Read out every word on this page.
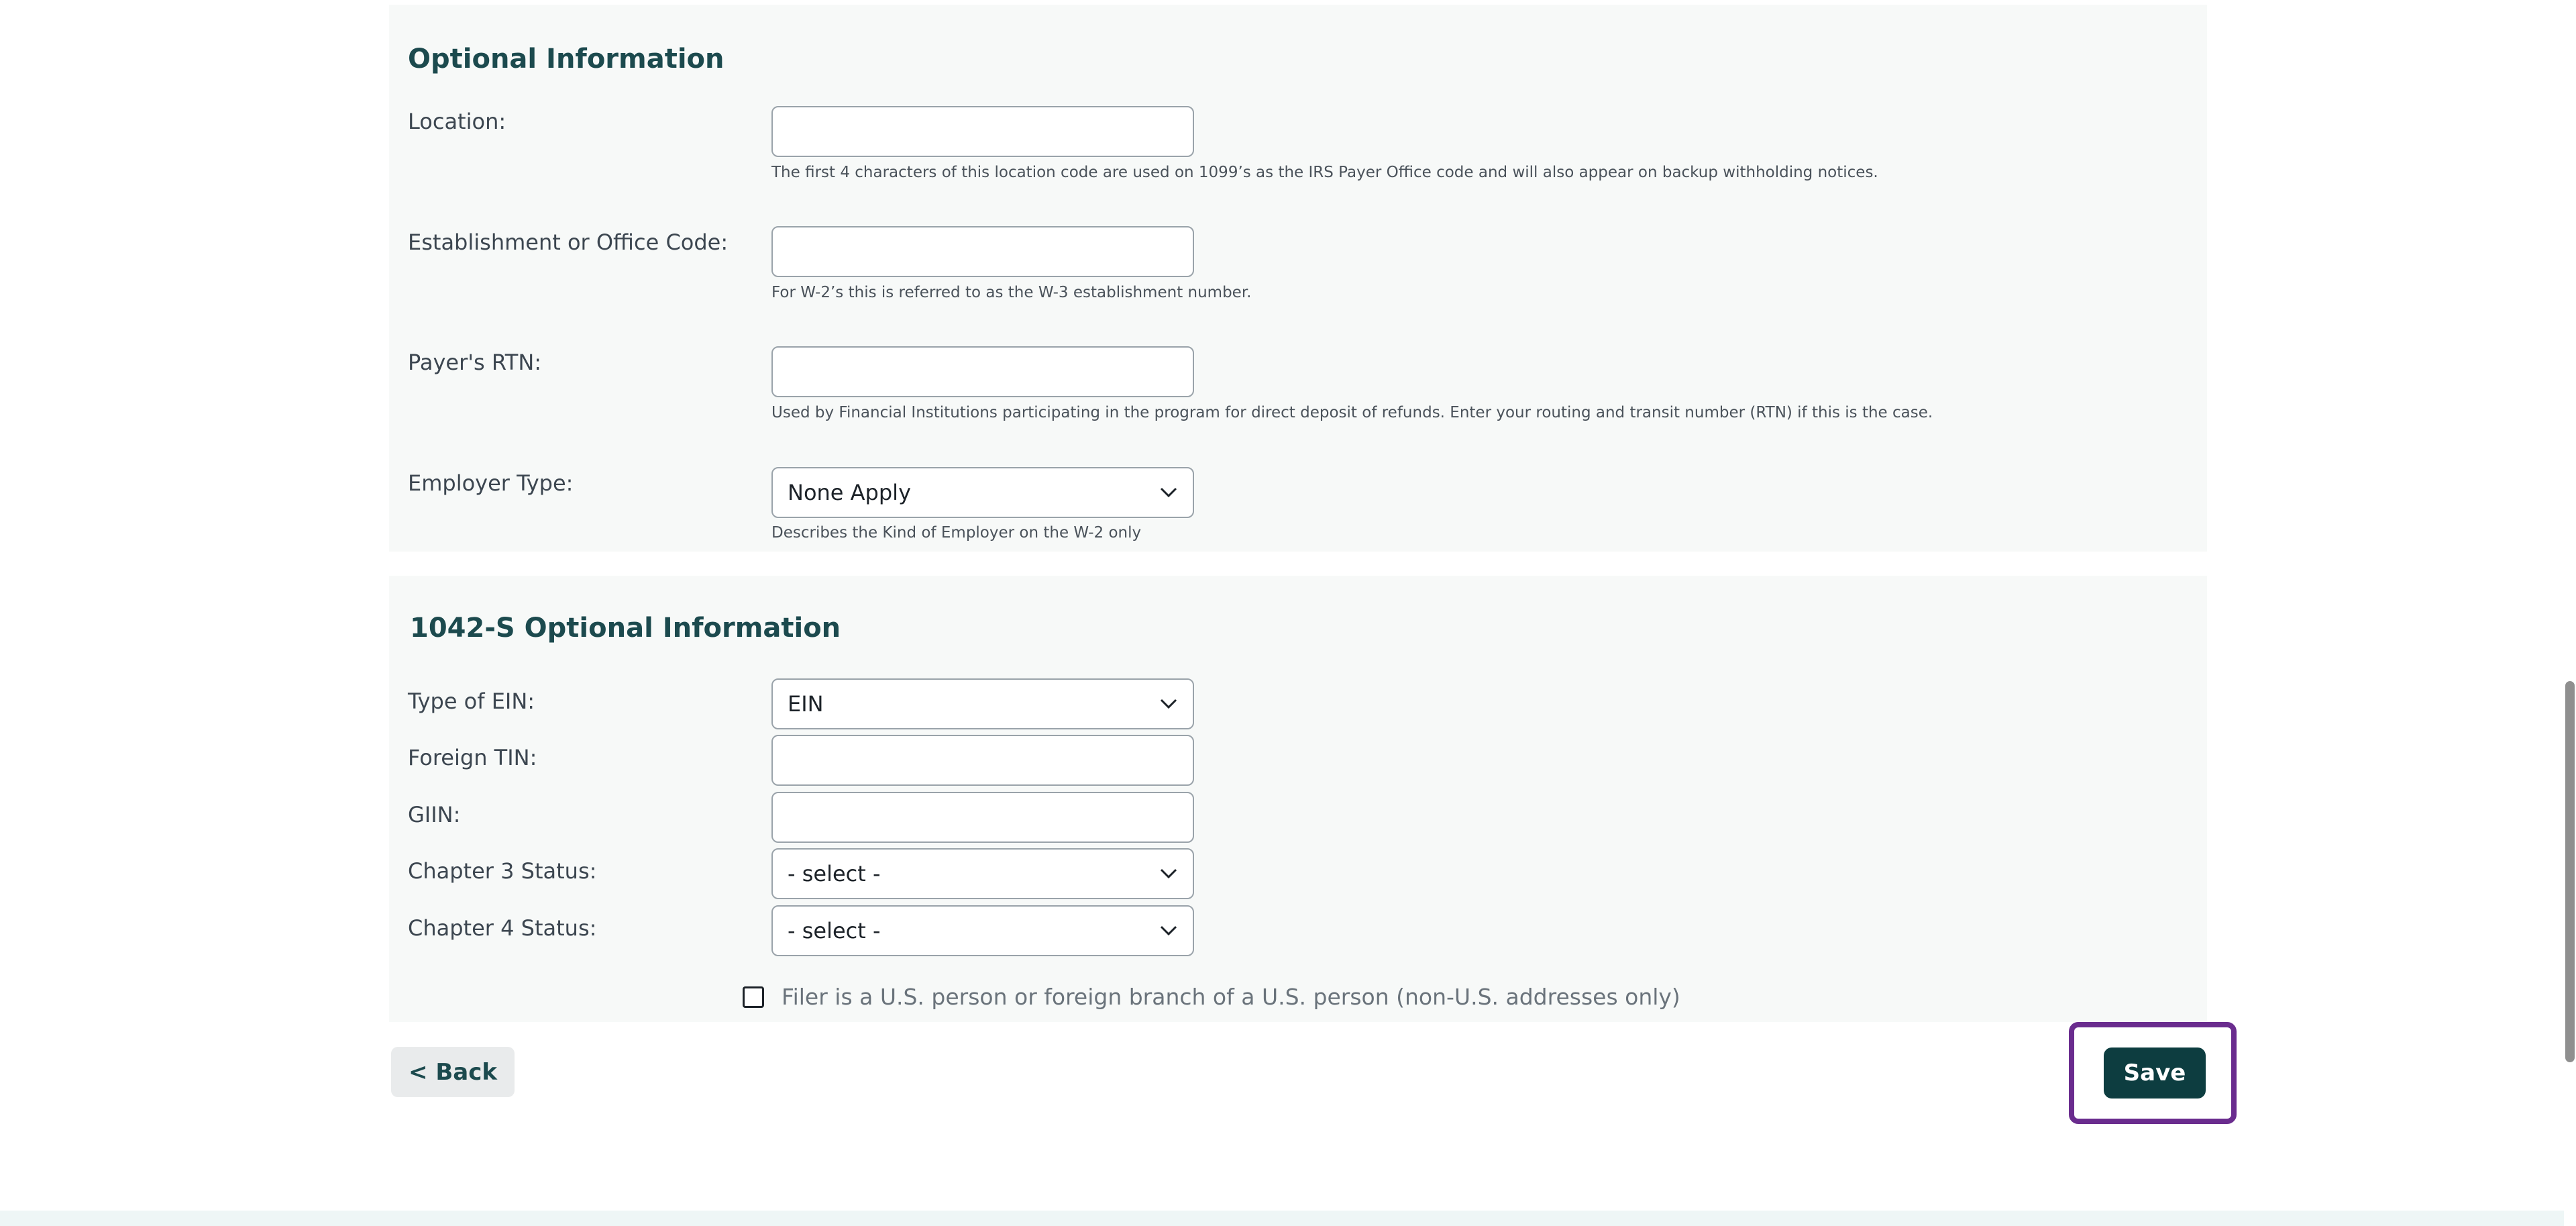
Optional Information
Location:
The first 4 characters of this location code are used on 1099’s as the IRS Payer Office code and will also appear on backup withholding notices.
Establishment or Office Code:
For W-2’s this is referred to as the W-3 establishment number.
Payer's RTN:
Used by Financial Institutions participating in the program for direct deposit of refunds. Enter your routing and transit number (RTN) if this is the case.
Employer Type:	None Apply
Describes the Kind of Employer on the W-2 only
1042-S Optional Information
Type of EIN:	EIN
Foreign TIN:
GIIN:
Chapter 3 Status:	- select -
Chapter 4 Status:	- select -
Filer is a U.S. person or foreign branch of a U.S. person (non-U.S. addresses only)
< Back	Save
